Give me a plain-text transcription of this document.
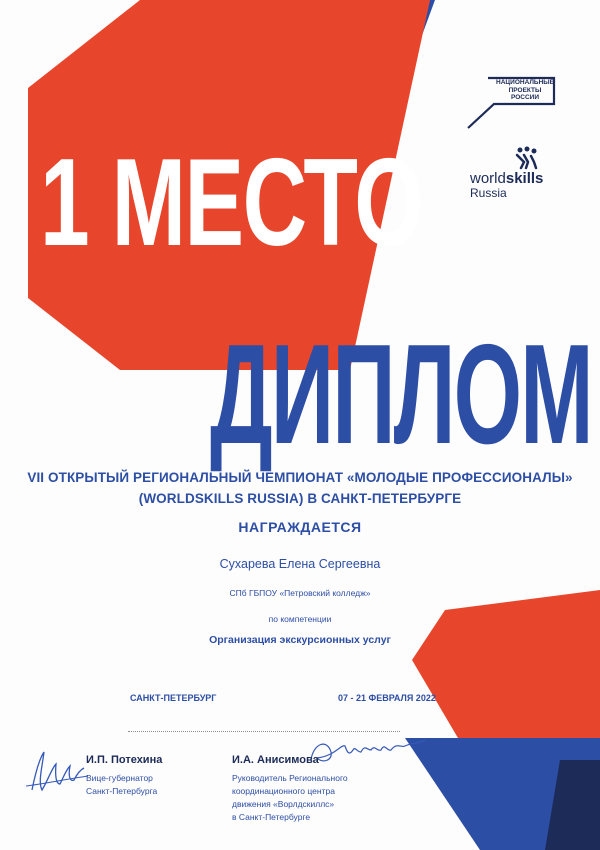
1 МЕСТО
ДИПЛОМ
НАЦИОНАЛЬНЫЕ
ПРОЕКТЫ
РОССИИ
worldskills
Russia
VII ОТКРЫТЫЙ РЕГИОНАЛЬНЫЙ ЧЕМПИОНАТ «МОЛОДЫЕ ПРОФЕССИОНАЛЫ»
(WORLDSKILLS RUSSIA) В САНКТ-ПЕТЕРБУРГЕ
НАГРАЖДАЕТСЯ
Сухарева Елена Сергеевна
СПб ГБПОУ «Петровский колледж»
по компетенции
Организация экскурсионных услуг
САНКТ-ПЕТЕРБУРГ	07 - 21 ФЕВРАЛЯ 2022
И.П. Потехина
Вице-губернатор
Санкт-Петербурга
И.А. Анисимова
Руководитель Регионального
координационного центра
движения «Ворлдскиллс»
в Санкт-Петербурге
